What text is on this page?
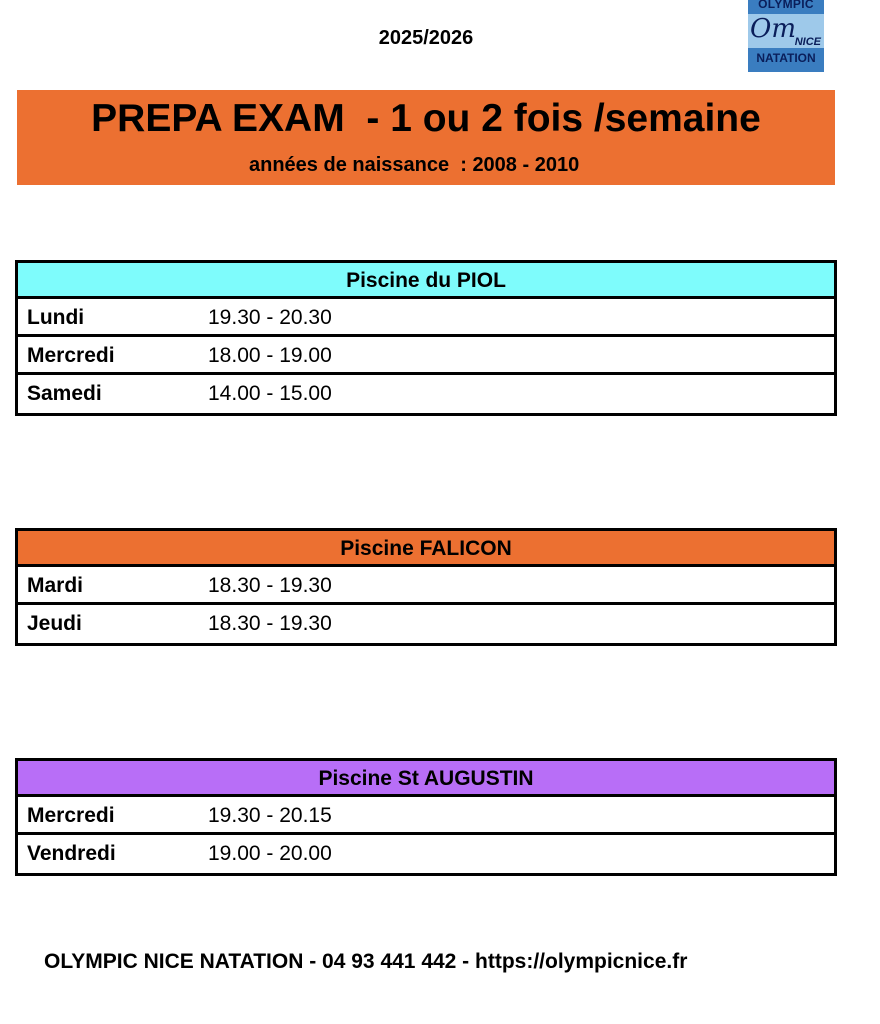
2025/2026
OLYMPIC
Om
NICE
NATATION
PREPA EXAM  - 1 ou 2 fois /semaine
années de naissance  : 2008 - 2010
Piscine du PIOL
Lundi	19.30 - 20.30
Mercredi	18.00 - 19.00
Samedi	14.00 - 15.00
Piscine FALICON
Mardi	18.30 - 19.30
Jeudi	18.30 - 19.30
Piscine St AUGUSTIN
Mercredi	19.30 - 20.15
Vendredi	19.00 - 20.00
OLYMPIC NICE NATATION - 04 93 441 442 - https://olympicnice.fr
